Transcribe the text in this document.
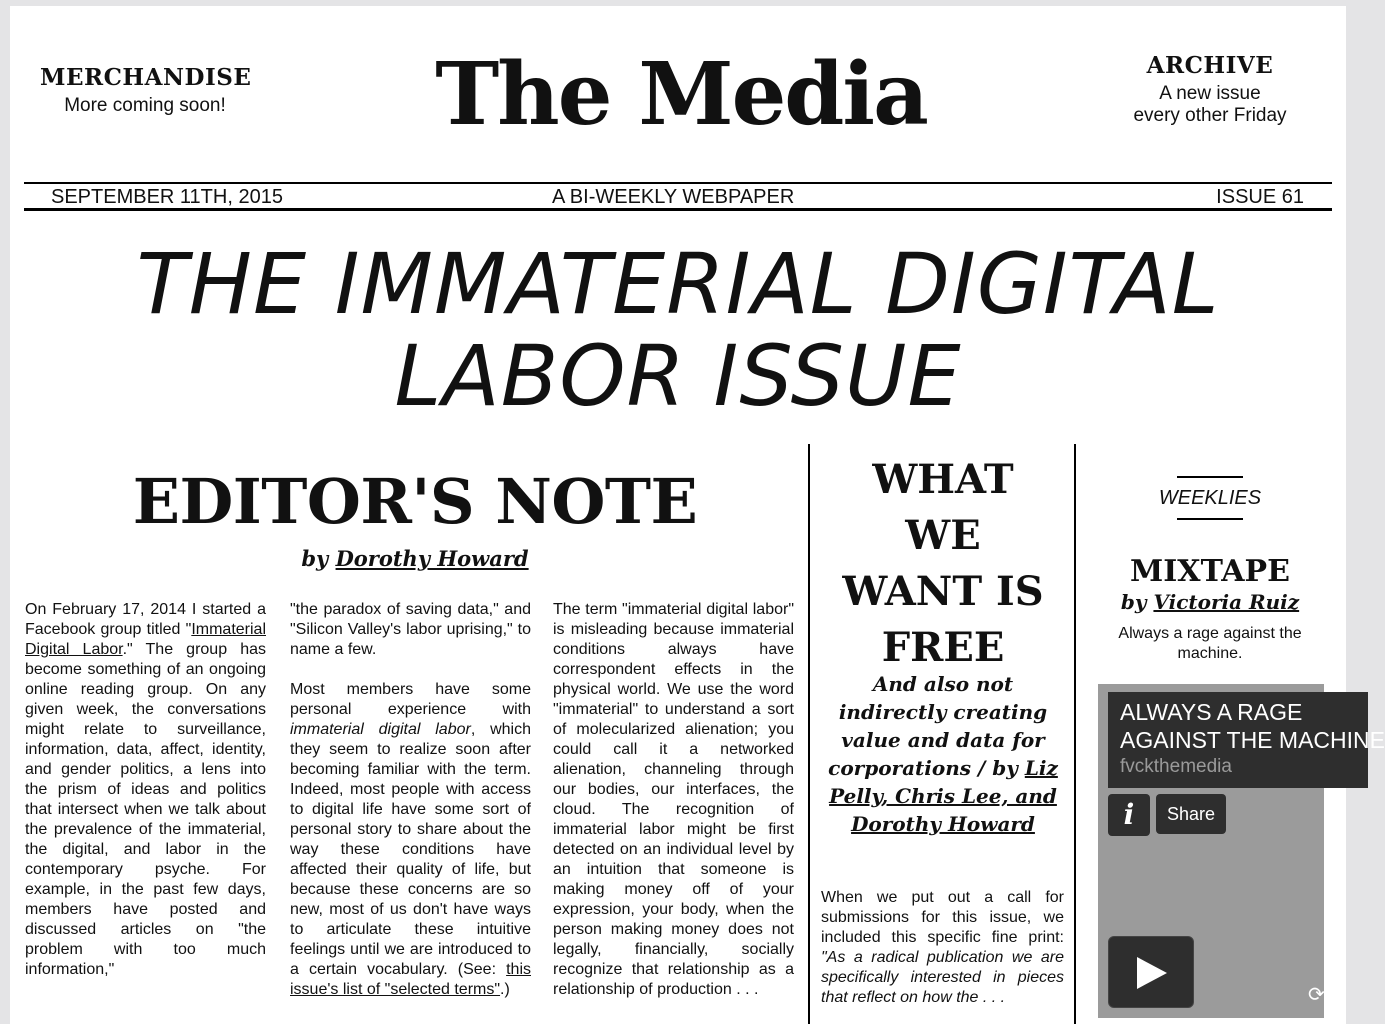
MERCHANDISE
More coming soon!	The Media	ARCHIVE
A new issue
every other Friday
SEPTEMBER 11TH, 2015	A BI-WEEKLY WEBPAPER	ISSUE 61
THE IMMATERIAL DIGITAL
LABOR ISSUE
EDITOR'S NOTE
by Dorothy Howard

On February 17, 2014 I started a Facebook group titled "Immaterial Digital Labor." The group has become something of an ongoing online reading group. On any given week, the conversations might relate to surveillance, information, data, affect, identity, and gender politics, a lens into the prism of ideas and politics that intersect when we talk about the prevalence of the immaterial, the digital, and labor in the contemporary psyche. For example, in the past few days, members have posted and discussed articles on "the problem with too much information,"

"the paradox of saving data," and "Silicon Valley's labor uprising," to name a few.

Most members have some personal experience with immaterial digital labor, which they seem to realize soon after becoming familiar with the term. Indeed, most people with access to digital life have some sort of personal story to share about the way these conditions have affected their quality of life, but because these concerns are so new, most of us don't have ways to articulate these intuitive feelings until we are introduced to a certain vocabulary. (See: this issue's list of "selected terms".)

The term "immaterial digital labor" is misleading because immaterial conditions always have correspondent effects in the physical world. We use the word "immaterial" to understand a sort of molecularized alienation; you could call it a networked alienation, channeling through our bodies, our interfaces, the cloud. The recognition of immaterial labor might be first detected on an individual level by an intuition that someone is making money off of your expression, your body, when the person making money does not legally, financially, socially recognize that relationship as a relationship of production . . .

WHAT
WE
WANT IS
FREE
And also not indirectly creating value and data for corporations / by Liz Pelly, Chris Lee, and Dorothy Howard
When we put out a call for submissions for this issue, we included this specific fine print: "As a radical publication we are specifically interested in pieces that reflect on how the . . .
WEEKLIES
MIXTAPE
by Victoria Ruiz
Always a rage against the machine.
ALWAYS A RAGE
AGAINST THE MACHINE
fvckthemedia
i	Share
⟳
